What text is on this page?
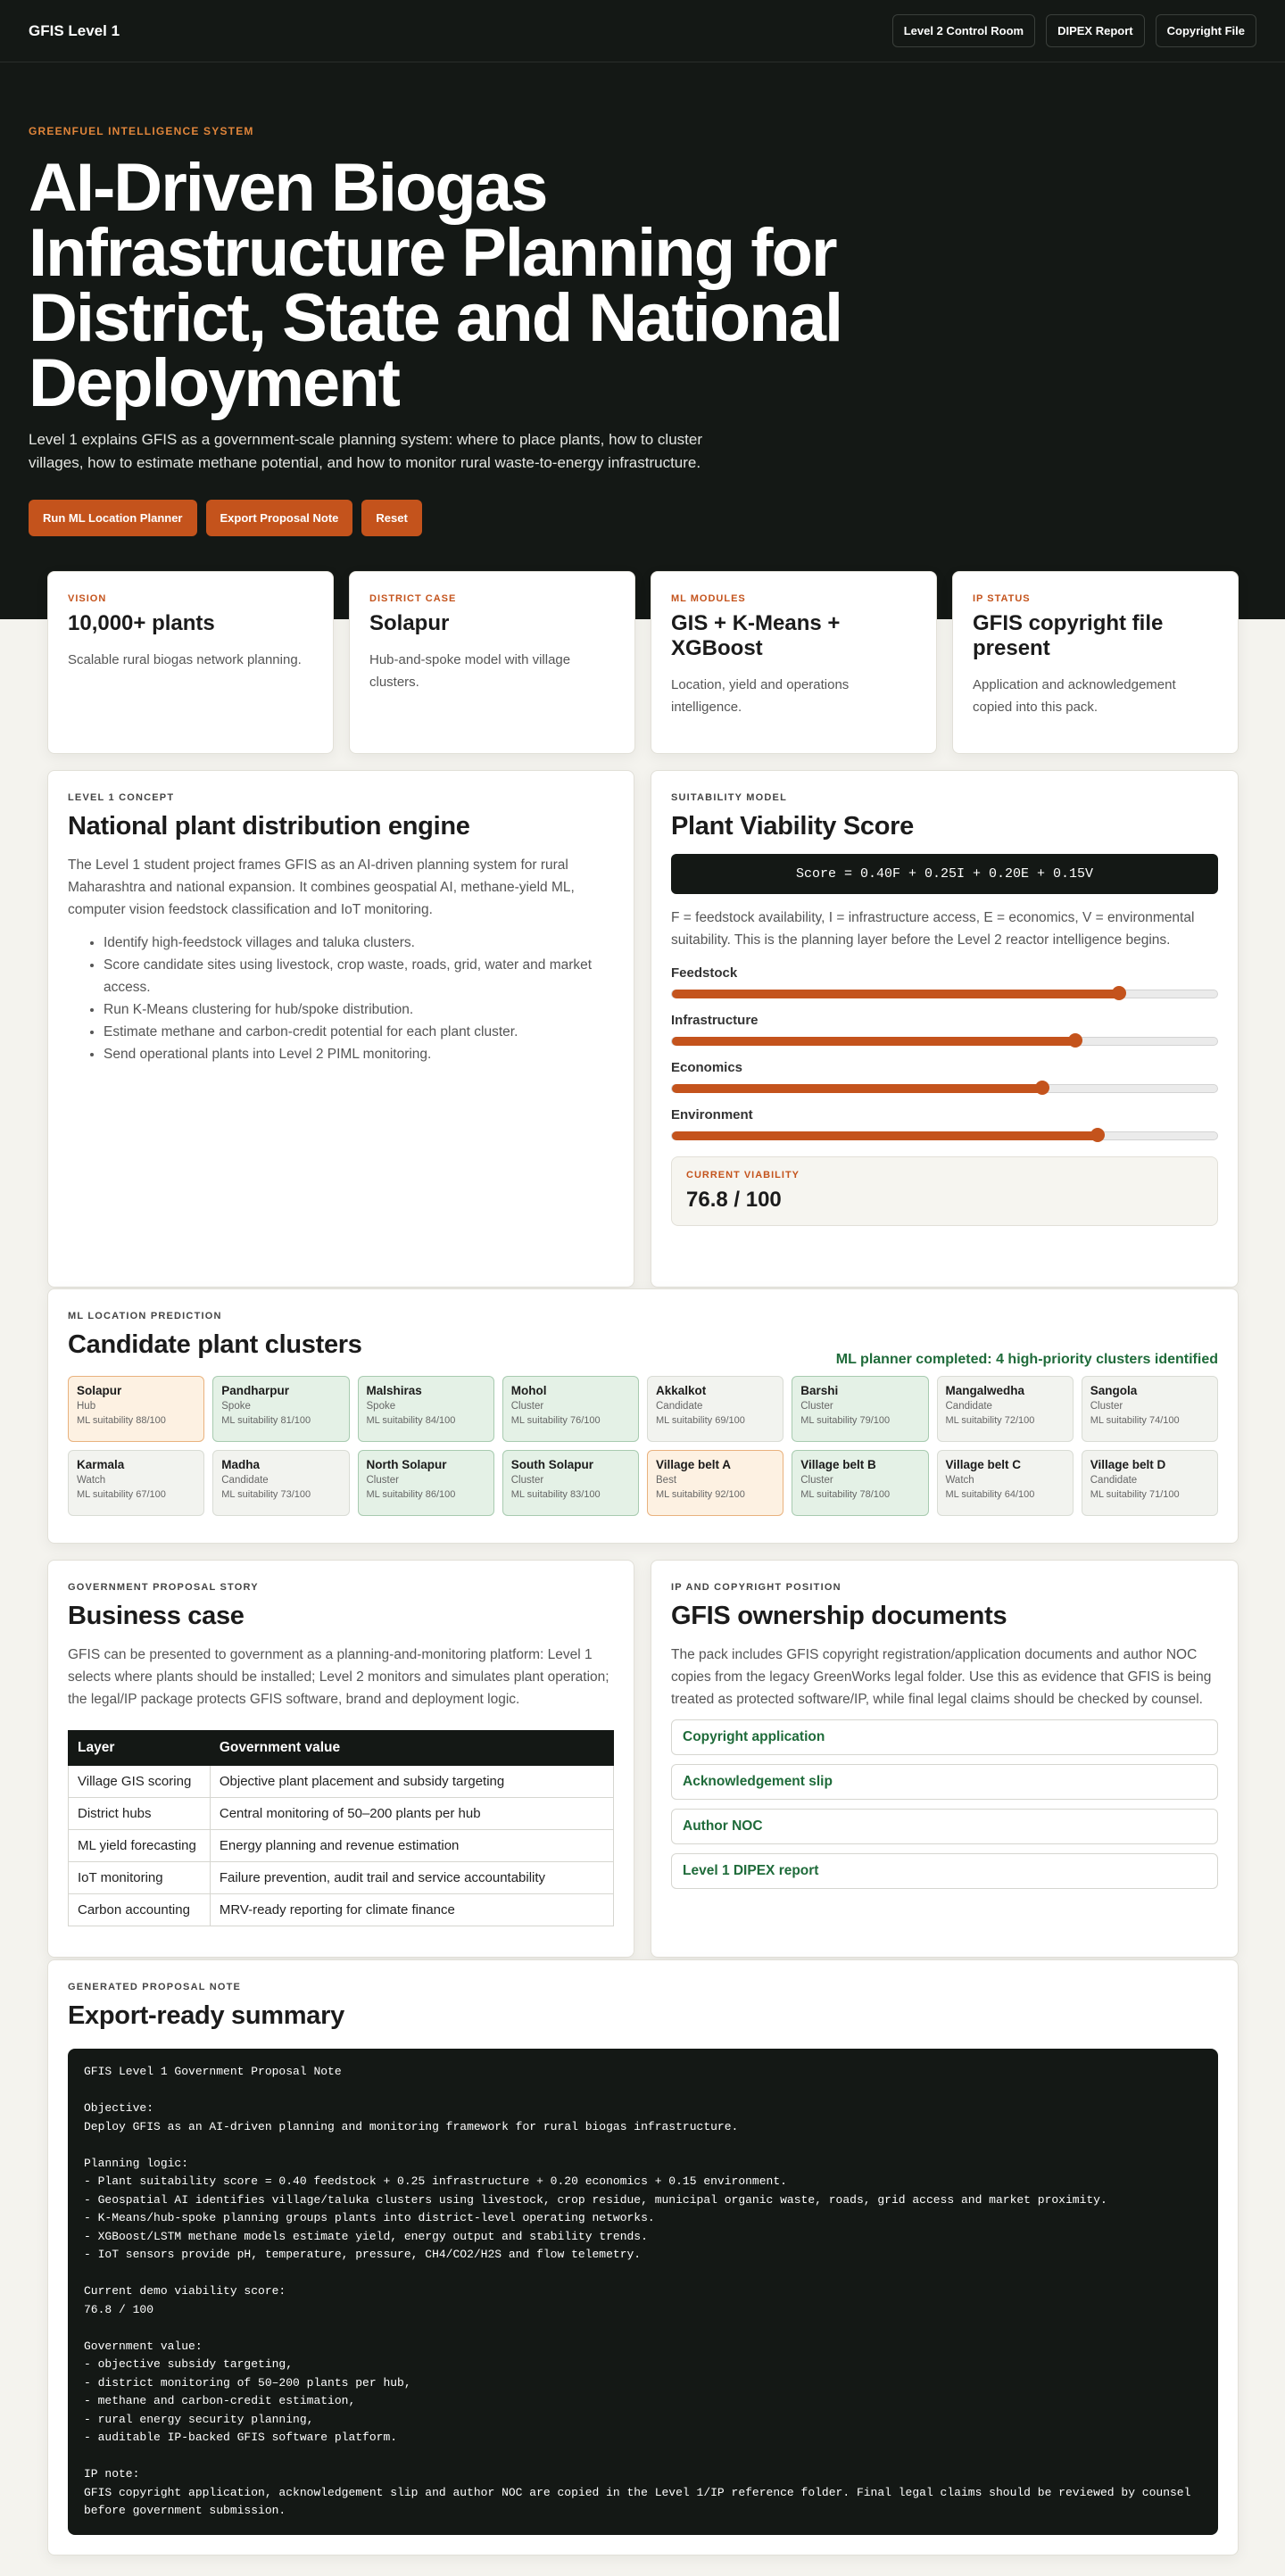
GFIS Level 1	Level 2 Control Room	DIPEX Report	Copyright File
GREENFUEL INTELLIGENCE SYSTEM
AI-Driven Biogas Infrastructure Planning for District, State and National Deployment

Level 1 explains GFIS as a government-scale planning system: where to place plants, how to cluster villages, how to estimate methane potential, and how to monitor rural waste-to-energy infrastructure.

Run ML Location Planner	Export Proposal Note	Reset
VISION
10,000+ plants
Scalable rural biogas network planning.
DISTRICT CASE
Solapur
Hub-and-spoke model with village clusters.
ML MODULES
GIS + K-Means + XGBoost
Location, yield and operations intelligence.
IP STATUS
GFIS copyright file present
Application and acknowledgement copied into this pack.
LEVEL 1 CONCEPT
National plant distribution engine

The Level 1 student project frames GFIS as an AI-driven planning system for rural Maharashtra and national expansion. It combines geospatial AI, methane-yield ML, computer vision feedstock classification and IoT monitoring.

• Identify high-feedstock villages and taluka clusters.
• Score candidate sites using livestock, crop waste, roads, grid, water and market access.
• Run K-Means clustering for hub/spoke distribution.
• Estimate methane and carbon-credit potential for each plant cluster.
• Send operational plants into Level 2 PIML monitoring.
SUITABILITY MODEL
Plant Viability Score
Score = 0.40F + 0.25I + 0.20E + 0.15V

F = feedstock availability, I = infrastructure access, E = economics, V = environmental suitability. This is the planning layer before the Level 2 reactor intelligence begins.

Feedstock
Infrastructure
Economics
Environment
CURRENT VIABILITY
76.8 / 100
ML LOCATION PREDICTION
Candidate plant clusters
ML planner completed: 4 high-priority clusters identified
Solapur
Hub
ML suitability 88/100
Pandharpur
Spoke
ML suitability 81/100
Malshiras
Spoke
ML suitability 84/100
Mohol
Cluster
ML suitability 76/100
Akkalkot
Candidate
ML suitability 69/100
Barshi
Cluster
ML suitability 79/100
Mangalwedha
Candidate
ML suitability 72/100
Sangola
Cluster
ML suitability 74/100
Karmala
Watch
ML suitability 67/100
Madha
Candidate
ML suitability 73/100
North Solapur
Cluster
ML suitability 86/100
South Solapur
Cluster
ML suitability 83/100
Village belt A
Best
ML suitability 92/100
Village belt B
Cluster
ML suitability 78/100
Village belt C
Watch
ML suitability 64/100
Village belt D
Candidate
ML suitability 71/100
GOVERNMENT PROPOSAL STORY
Business case

GFIS can be presented to government as a planning-and-monitoring platform: Level 1 selects where plants should be installed; Level 2 monitors and simulates plant operation; the legal/IP package protects GFIS software, brand and deployment logic.

Layer	Government value
Village GIS scoring	Objective plant placement and subsidy targeting
District hubs	Central monitoring of 50–200 plants per hub
ML yield forecasting	Energy planning and revenue estimation
IoT monitoring	Failure prevention, audit trail and service accountability
Carbon accounting	MRV-ready reporting for climate finance
IP AND COPYRIGHT POSITION
GFIS ownership documents

The pack includes GFIS copyright registration/application documents and author NOC copies from the legacy GreenWorks legal folder. Use this as evidence that GFIS is being treated as protected software/IP, while final legal claims should be checked by counsel.

Copyright application
Acknowledgement slip
Author NOC
Level 1 DIPEX report
GENERATED PROPOSAL NOTE
Export-ready summary
GFIS Level 1 Government Proposal Note

Objective:
Deploy GFIS as an AI-driven planning and monitoring framework for rural biogas infrastructure.

Planning logic:
- Plant suitability score = 0.40 feedstock + 0.25 infrastructure + 0.20 economics + 0.15 environment.
- Geospatial AI identifies village/taluka clusters using livestock, crop residue, municipal organic waste, roads, grid access and market proximity.
- K-Means/hub-spoke planning groups plants into district-level operating networks.
- XGBoost/LSTM methane models estimate yield, energy output and stability trends.
- IoT sensors provide pH, temperature, pressure, CH4/CO2/H2S and flow telemetry.

Current demo viability score:
76.8 / 100

Government value:
- objective subsidy targeting,
- district monitoring of 50–200 plants per hub,
- methane and carbon-credit estimation,
- rural energy security planning,
- auditable IP-backed GFIS software platform.

IP note:
GFIS copyright application, acknowledgement slip and author NOC are copied in the Level 1/IP reference folder. Final legal claims should be reviewed by counsel before government submission.
